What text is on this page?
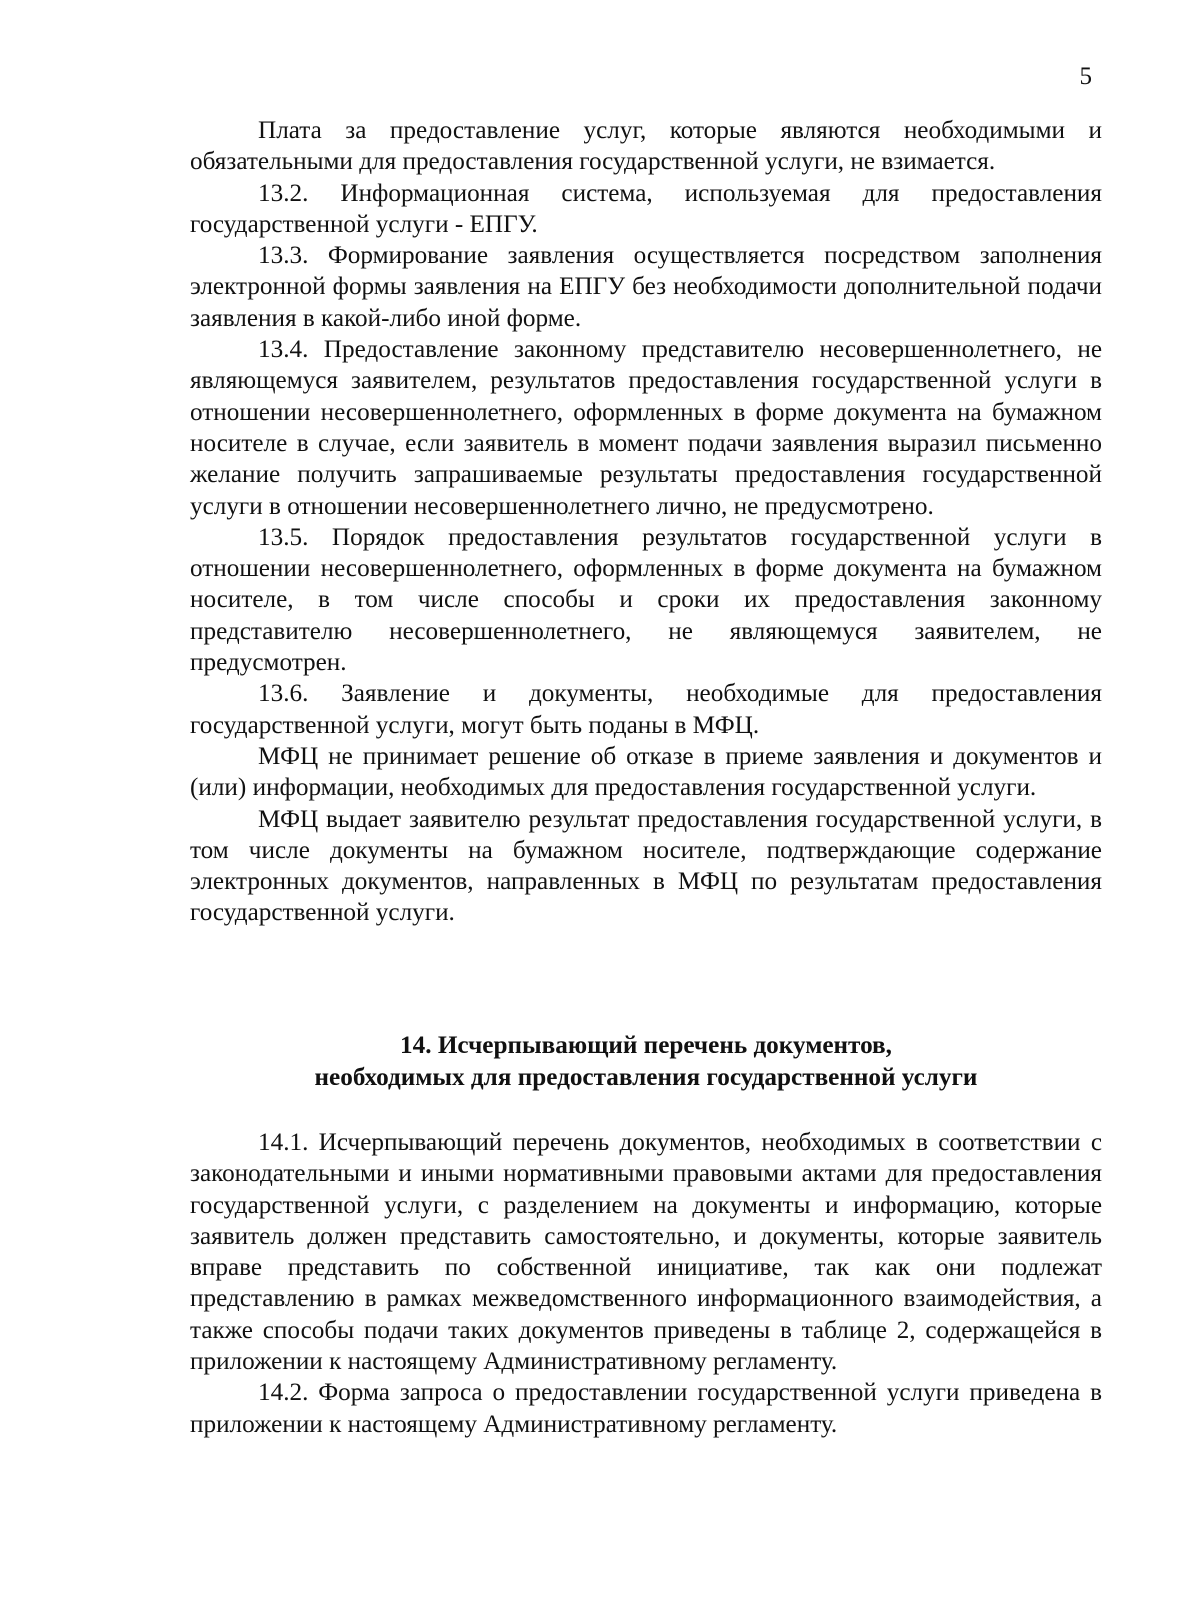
5

Плата за предоставление услуг, которые являются необходимыми и обязательными для предоставления государственной услуги, не взимается.

13.2. Информационная система, используемая для предоставления государственной услуги - ЕПГУ.

13.3. Формирование заявления осуществляется посредством заполнения электронной формы заявления на ЕПГУ без необходимости дополнительной подачи заявления в какой-либо иной форме.

13.4. Предоставление законному представителю несовершеннолетнего, не являющемуся заявителем, результатов предоставления государственной услуги в отношении несовершеннолетнего, оформленных в форме документа на бумажном носителе в случае, если заявитель в момент подачи заявления выразил письменно желание получить запрашиваемые результаты предоставления государственной услуги в отношении несовершеннолетнего лично, не предусмотрено.

13.5. Порядок предоставления результатов государственной услуги в отношении несовершеннолетнего, оформленных в форме документа на бумажном носителе, в том числе способы и сроки их предоставления законному представителю несовершеннолетнего, не являющемуся заявителем, не предусмотрен.

13.6. Заявление и документы, необходимые для предоставления государственной услуги, могут быть поданы в МФЦ.

МФЦ не принимает решение об отказе в приеме заявления и документов и (или) информации, необходимых для предоставления государственной услуги.

МФЦ выдает заявителю результат предоставления государственной услуги, в том числе документы на бумажном носителе, подтверждающие содержание электронных документов, направленных в МФЦ по результатам предоставления государственной услуги.

14. Исчерпывающий перечень документов,
необходимых для предоставления государственной услуги

14.1. Исчерпывающий перечень документов, необходимых в соответствии с законодательными и иными нормативными правовыми актами для предоставления государственной услуги, с разделением на документы и информацию, которые заявитель должен представить самостоятельно, и документы, которые заявитель вправе представить по собственной инициативе, так как они подлежат представлению в рамках межведомственного информационного взаимодействия, а также способы подачи таких документов приведены в таблице 2, содержащейся в приложении к настоящему Административному регламенту.

14.2. Форма запроса о предоставлении государственной услуги приведена в приложении к настоящему Административному регламенту.
